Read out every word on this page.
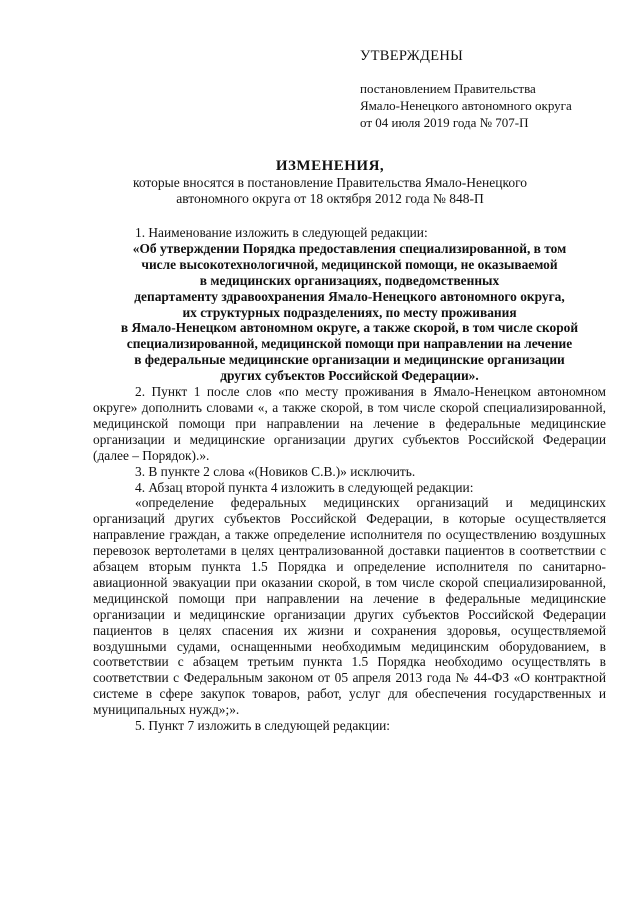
УТВЕРЖДЕНЫ
постановлением Правительства
Ямало-Ненецкого автономного округа
от 04 июля 2019 года № 707-П
ИЗМЕНЕНИЯ,
которые вносятся в постановление Правительства Ямало-Ненецкого
автономного округа от 18 октября 2012 года № 848-П

1. Наименование изложить в следующей редакции:

«Об утверждении Порядка предоставления специализированной, в том
числе высокотехнологичной, медицинской помощи, не оказываемой
в медицинских организациях, подведомственных
департаменту здравоохранения Ямало-Ненецкого автономного округа,
их структурных подразделениях, по месту проживания
в Ямало-Ненецком автономном округе, а также скорой, в том числе скорой
специализированной, медицинской помощи при направлении на лечение
в федеральные медицинские организации и медицинские организации
других субъектов Российской Федерации».

2. Пункт 1 после слов «по месту проживания в Ямало-Ненецком автономном округе» дополнить словами «, а также скорой, в том числе скорой специализированной, медицинской помощи при направлении на лечение в федеральные медицинские организации и медицинские организации других субъектов Российской Федерации (далее – Порядок).».

3. В пункте 2 слова «(Новиков С.В.)» исключить.

4. Абзац второй пункта 4 изложить в следующей редакции:

«определение федеральных медицинских организаций и медицинских организаций других субъектов Российской Федерации, в которые осуществляется направление граждан, а также определение исполнителя по осуществлению воздушных перевозок вертолетами в целях централизованной доставки пациентов в соответствии с абзацем вторым пункта 1.5 Порядка и определение исполнителя по санитарно-авиационной эвакуации при оказании скорой, в том числе скорой специализированной, медицинской помощи при направлении на лечение в федеральные медицинские организации и медицинские организации других субъектов Российской Федерации пациентов в целях спасения их жизни и сохранения здоровья, осуществляемой воздушными судами, оснащенными необходимым медицинским оборудованием, в соответствии с абзацем третьим пункта 1.5 Порядка необходимо осуществлять в соответствии с Федеральным законом от 05 апреля 2013 года № 44-ФЗ «О контрактной системе в сфере закупок товаров, работ, услуг для обеспечения государственных и муниципальных нужд»;».

5. Пункт 7 изложить в следующей редакции:
